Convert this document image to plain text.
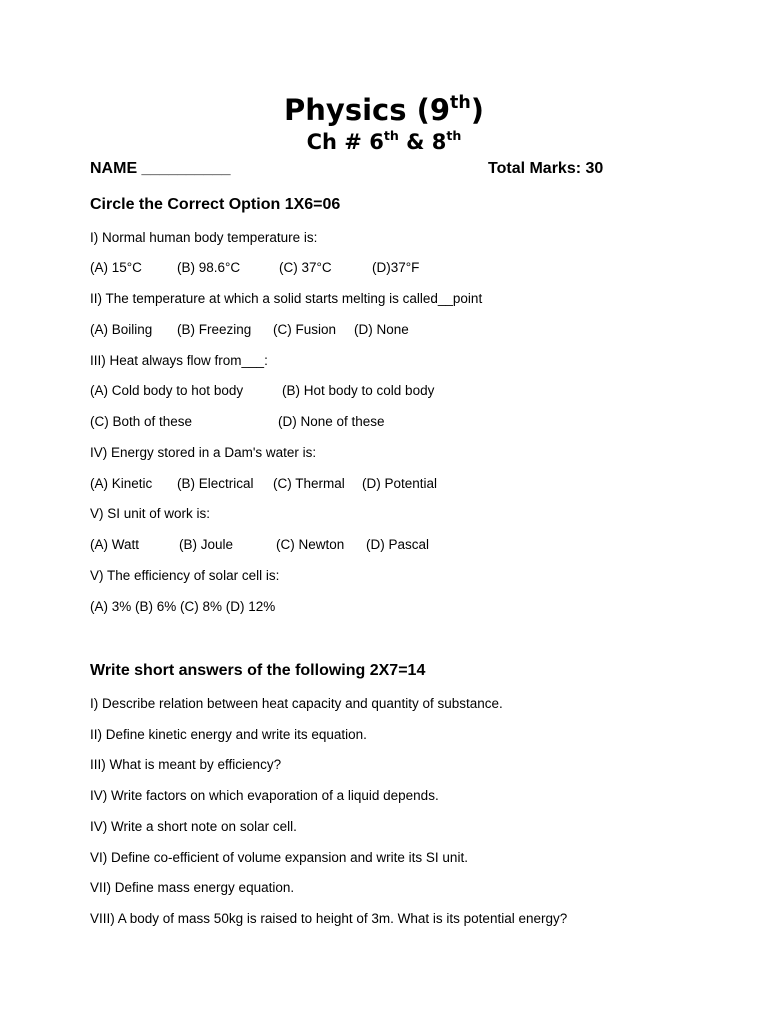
Physics (9th)
Ch # 6th & 8th
NAME __________	Total Marks: 30
Circle the Correct Option 1X6=06
I) Normal human body temperature is:
(A) 15°C	(B) 98.6°C	(C) 37°C	(D)37°F
II) The temperature at which a solid starts melting is called__point
(A) Boiling (B) Freezing (C) Fusion (D) None
III) Heat always flow from___:
(A) Cold body to hot body	(B) Hot body to cold body
(C) Both of these	(D) None of these
IV) Energy stored in a Dam's water is:
(A) Kinetic (B) Electrical (C) Thermal (D) Potential
V) SI unit of work is:
(A) Watt	(B) Joule	(C) Newton (D) Pascal
V) The efficiency of solar cell is:
(A) 3% (B) 6% (C) 8% (D) 12%
Write short answers of the following 2X7=14
I) Describe relation between heat capacity and quantity of substance.
II) Define kinetic energy and write its equation.
III) What is meant by efficiency?
IV) Write factors on which evaporation of a liquid depends.
IV) Write a short note on solar cell.
VI) Define co-efficient of volume expansion and write its SI unit.
VII) Define mass energy equation.
VIII) A body of mass 50kg is raised to height of 3m. What is its potential energy?
